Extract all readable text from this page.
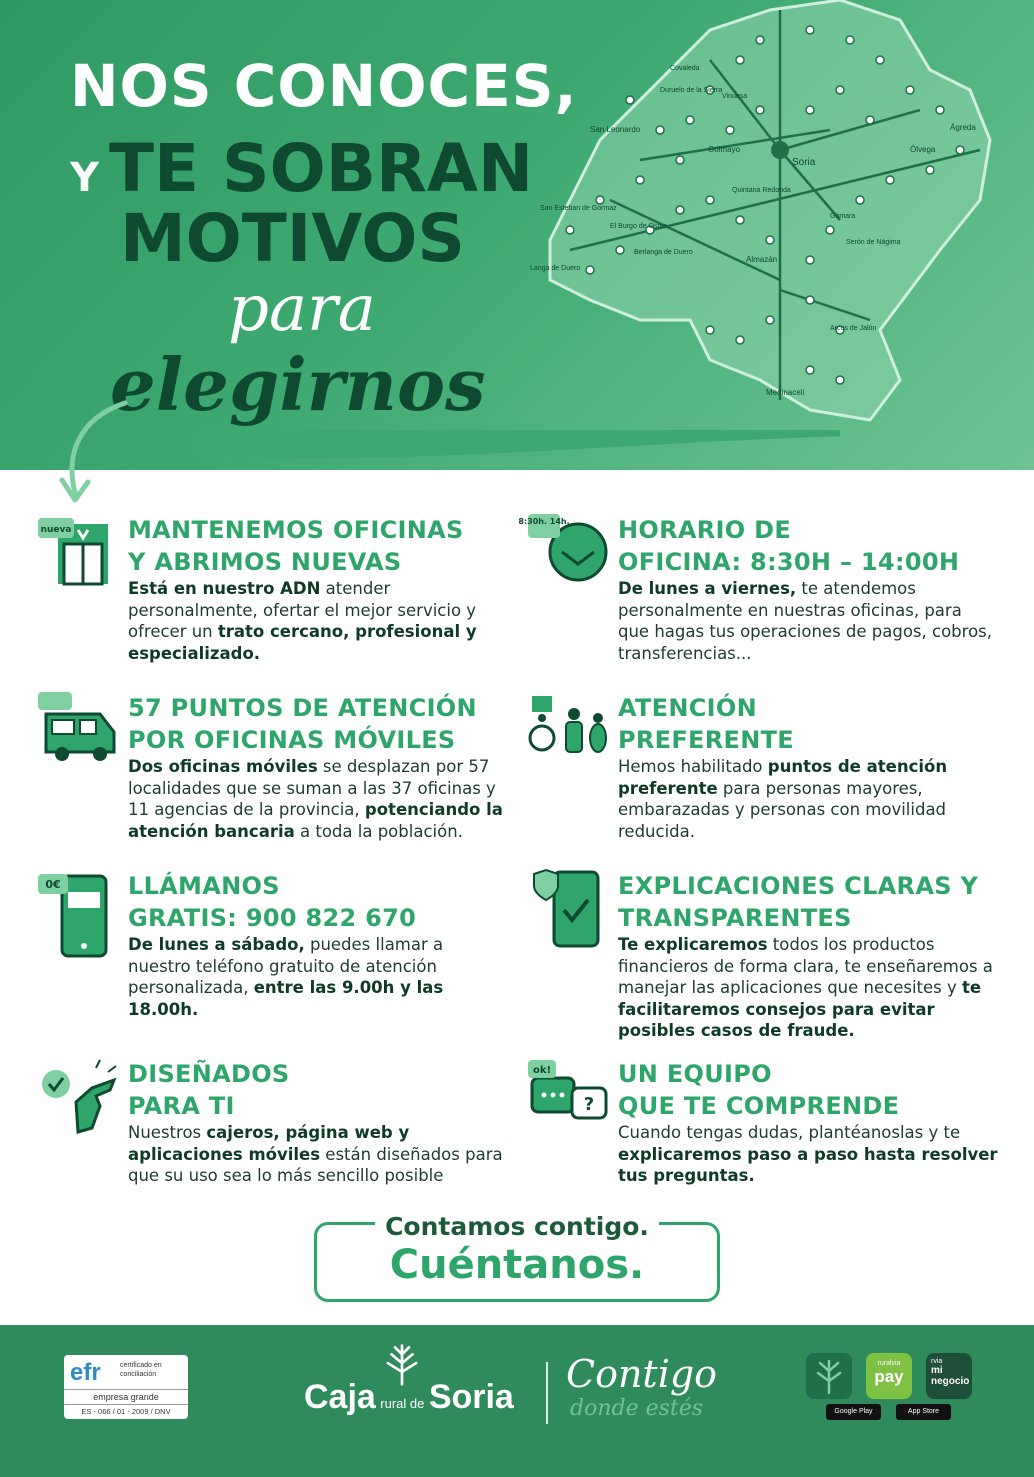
Soria
Almazán
Ágreda
Ólvega
San Leonardo
Golmayo
Quintana Redonda
Medinaceli
Berlanga de Duero
El Burgo de Osma
Langa de Duero
Arcos de Jalón
Covaleda
Duruelo de la Sierra
Vinuesa
San Esteban de Gormaz
Gómara
Serón de Nágima
NOS CONOCES,
Y TE SOBRAN
MOTIVOS
para
elegirnos
nueva	MANTENEMOS OFICINAS
Y ABRIMOS NUEVAS

Está en nuestro ADN atender personalmente, ofertar el mejor servicio y ofrecer un trato cercano, profesional y especializado.

8:30h. 14h.	HORARIO DE
OFICINA: 8:30H – 14:00H

De lunes a viernes, te atendemos personalmente en nuestras oficinas, para que hagas tus operaciones de pagos, cobros, transferencias...

57 PUNTOS DE ATENCIÓN
POR OFICINAS MÓVILES

Dos oficinas móviles se desplazan por 57 localidades que se suman a las 37 oficinas y 11 agencias de la provincia, potenciando la atención bancaria a toda la población.

ATENCIÓN
PREFERENTE

Hemos habilitado puntos de atención preferente para personas mayores, embarazadas y personas con movilidad reducida.

0€	LLÁMANOS
GRATIS: 900 822 670

De lunes a sábado, puedes llamar a nuestro teléfono gratuito de atención personalizada, entre las 9.00h y las 18.00h.

EXPLICACIONES CLARAS Y
TRANSPARENTES

Te explicaremos todos los productos financieros de forma clara, te enseñaremos a manejar las aplicaciones que necesites y te facilitaremos consejos para evitar posibles casos de fraude.

DISEÑADOS
PARA TI

Nuestros cajeros, página web y aplicaciones móviles están diseñados para que su uso sea lo más sencillo posible

?
ok!	UN EQUIPO
QUE TE COMPRENDE

Cuando tengas dudas, plantéanoslas y te explicaremos paso a paso hasta resolver tus preguntas.

Contamos contigo.
Cuéntanos.
efr	certificado en conciliación
empresa grande
ES - 066 / 01 - 2009 / DNV	Caja rural de Soria
Contigo
donde estés
ruralvia
pay
rvia
mi negocio
Google Play	App Store
